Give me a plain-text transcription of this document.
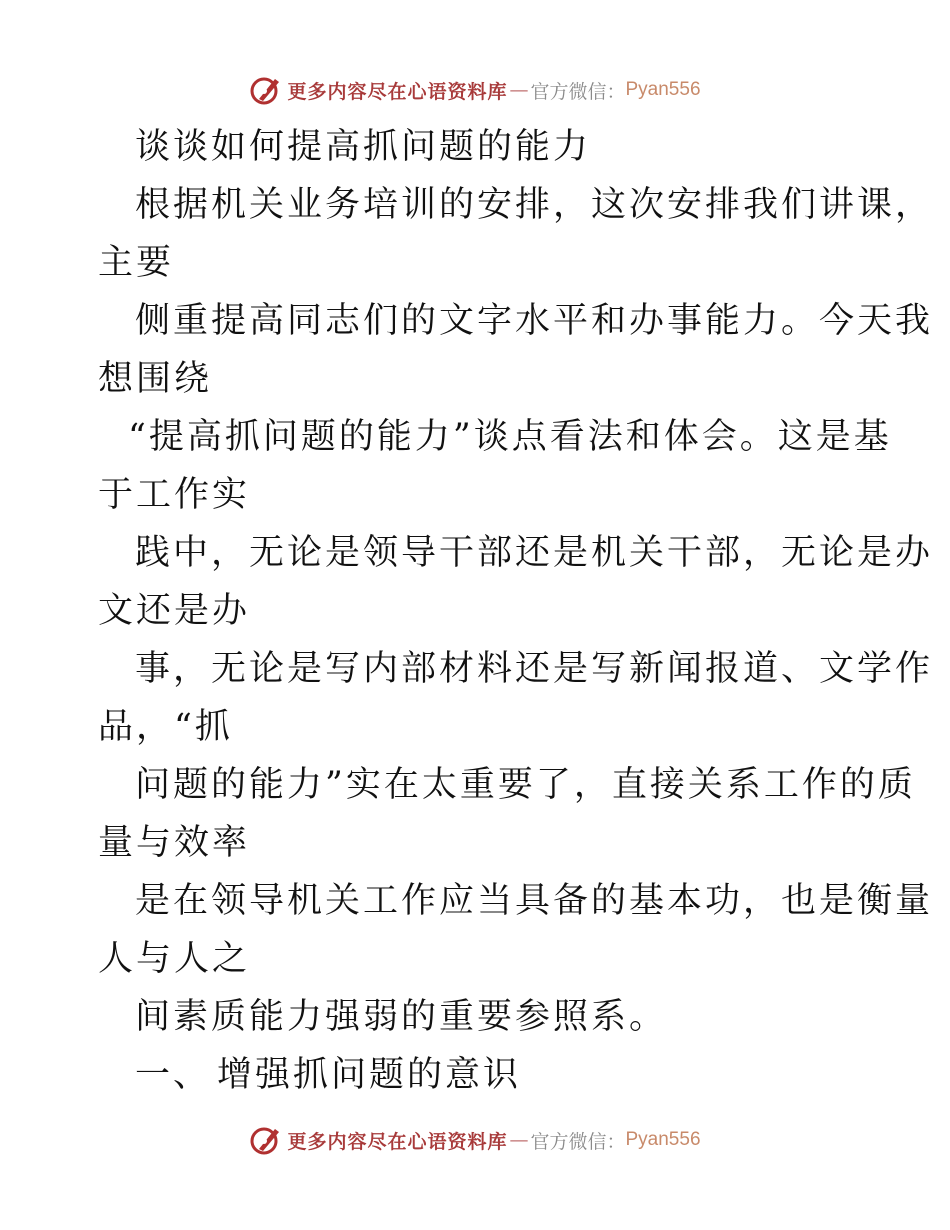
更多内容尽在心语资料库 — 官方微信： Pyan556
谈谈如何提高抓问题的能力
根据机关业务培训的安排，这次安排我们讲课，
主要
侧重提高同志们的文字水平和办事能力。今天我
想围绕
“提高抓问题的能力”谈点看法和体会。这是基
于工作实
践中，无论是领导干部还是机关干部，无论是办
文还是办
事，无论是写内部材料还是写新闻报道、文学作
品，“抓
问题的能力”实在太重要了，直接关系工作的质
量与效率
是在领导机关工作应当具备的基本功，也是衡量
人与人之
间素质能力强弱的重要参照系。
一、 增强抓问题的意识
更多内容尽在心语资料库 — 官方微信： Pyan556
